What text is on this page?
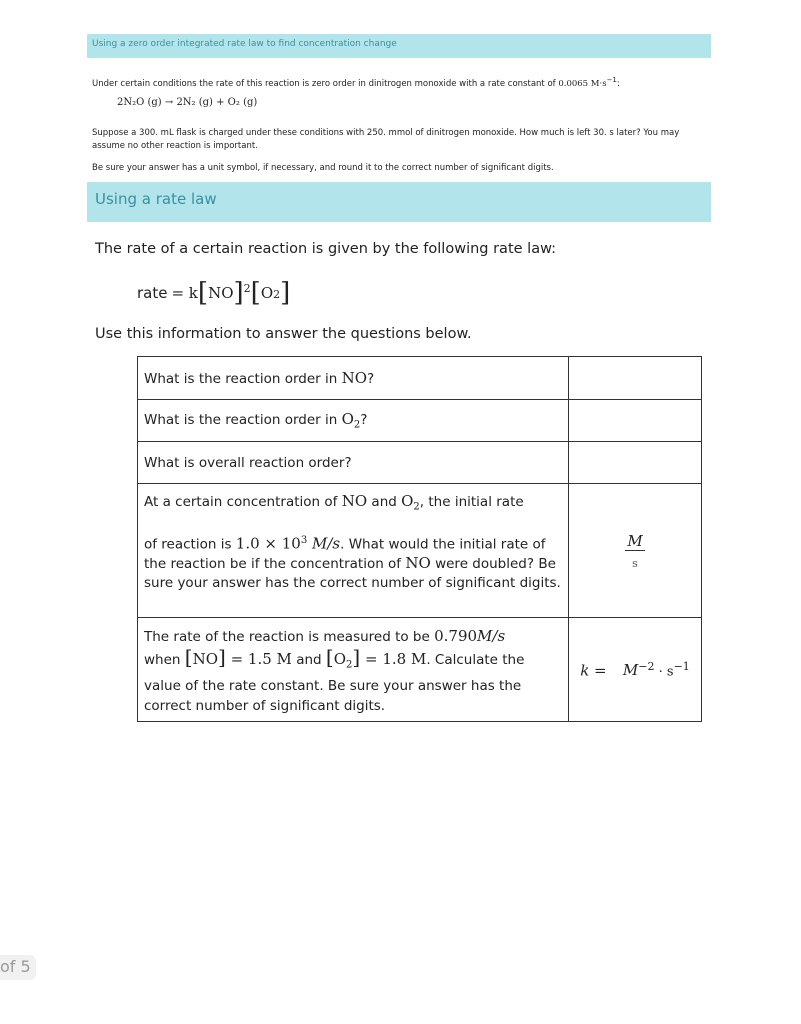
Using a zero order integrated rate law to find concentration change
Under certain conditions the rate of this reaction is zero order in dinitrogen monoxide with a rate constant of 0.0065 $M\cdot s^{-1}$:
2N₂O (g) → 2N₂ (g) + O₂ (g)
Suppose a 300. mL flask is charged under these conditions with 250. mmol of dinitrogen monoxide. How much is left 30. s later? You may assume no other reaction is important.
Be sure your answer has a unit symbol, if necessary, and round it to the correct number of significant digits.
Using a rate law
The rate of a certain reaction is given by the following rate law:
rate = k [ NO ]$^2$ [ O 2 ]
Use this information to answer the questions below.
What is the reaction order in NO?	
What is the reaction order in $O_2$?	
What is overall reaction order?	
At a certain concentration of NO and $O_2$, the initial rate

of reaction is $1.0 \times 10^3$ M/s. What would the initial rate of the reaction be if the concentration of NO were doubled? Be sure your answer has the correct number of significant digits.	$\frac{M}{s}$

The rate of the reaction is measured to be 0.790M/s
when [NO] = 1.5 M and $[O_2] = 1.8$ M. Calculate the value of the rate constant. Be sure your answer has the correct number of significant digits.	$k = M^{-2} \cdot s^{-1}$
of 5
